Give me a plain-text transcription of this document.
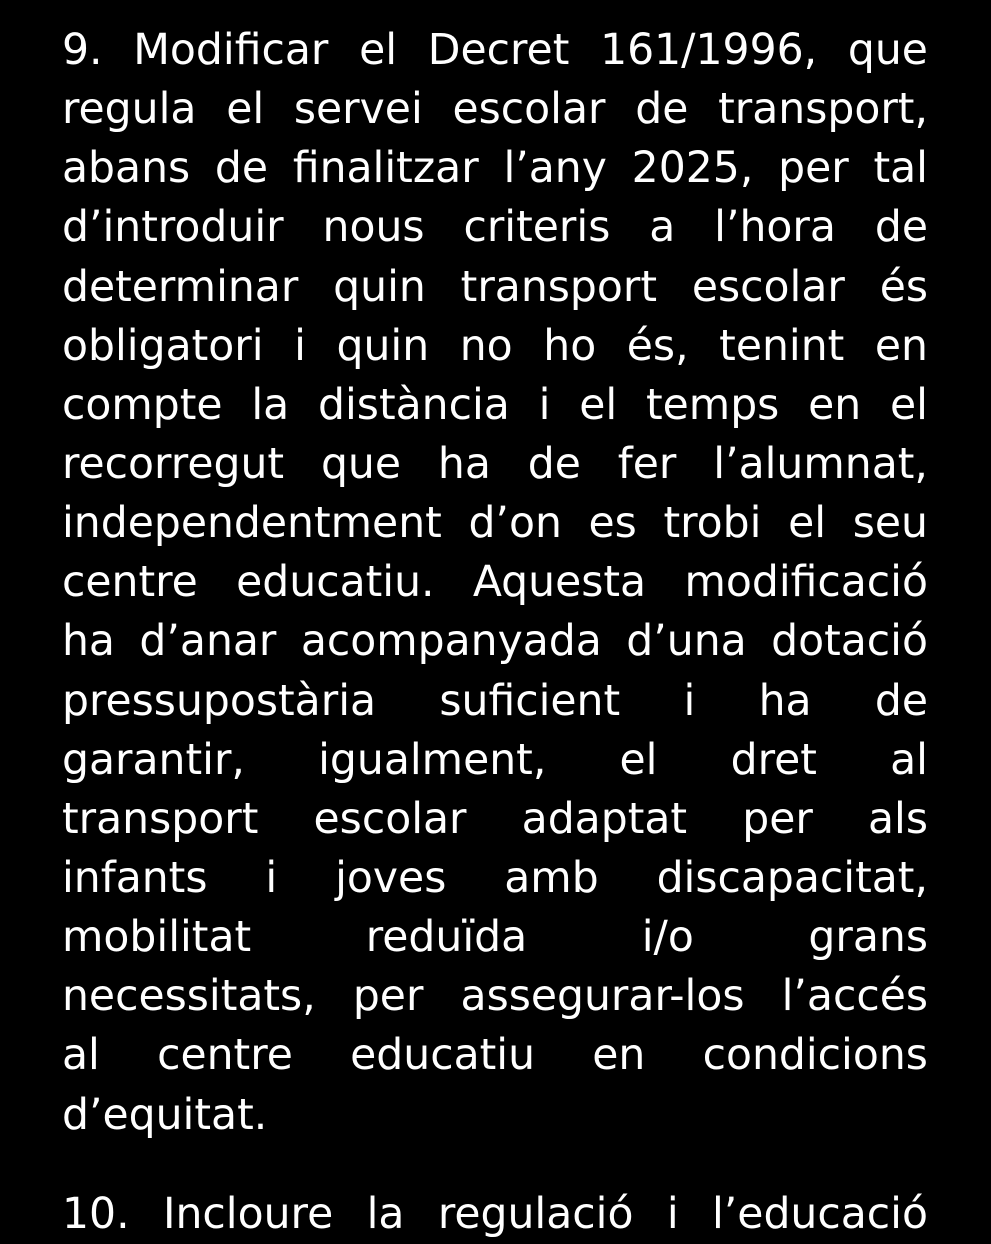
9. Modificar el Decret 161/1996, que
regula el servei escolar de transport,
abans de finalitzar l’any 2025, per tal
d’introduir nous criteris a l’hora de
determinar quin transport escolar és
obligatori i quin no ho és, tenint en
compte la distància i el temps en el
recorregut que ha de fer l’alumnat,
independentment d’on es trobi el seu
centre educatiu. Aquesta modificació
ha d’anar acompanyada d’una dotació
pressupostària suficient i ha de
garantir, igualment, el dret al
transport escolar adaptat per als
infants i joves amb discapacitat,
mobilitat	reduïda	i/o	grans
necessitats, per assegurar-los l’accés
al centre educatiu en condicions
d’equitat.
10. Incloure la regulació i l’educació
